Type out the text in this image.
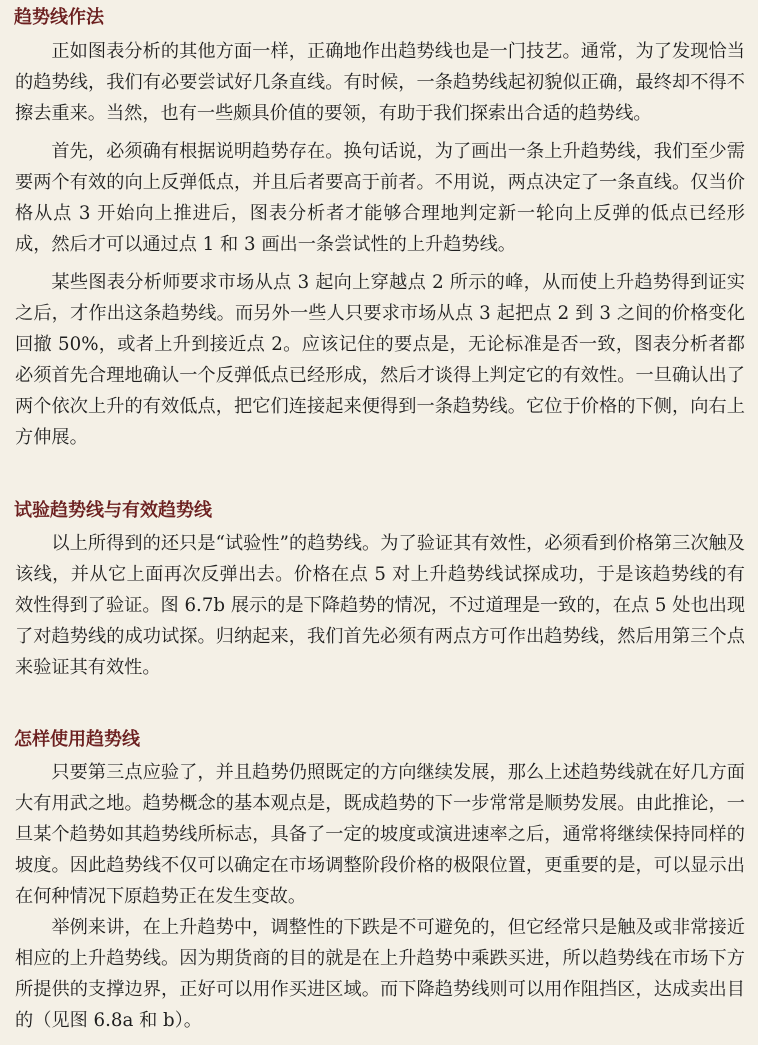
趋势线作法

正如图表分析的其他方面一样，正确地作出趋势线也是一门技艺。通常，为了发现恰当的趋势线，我们有必要尝试好几条直线。有时候，一条趋势线起初貌似正确，最终却不得不擦去重来。当然，也有一些颇具价值的要领，有助于我们探索出合适的趋势线。

首先，必须确有根据说明趋势存在。换句话说，为了画出一条上升趋势线，我们至少需要两个有效的向上反弹低点，并且后者要高于前者。不用说，两点决定了一条直线。仅当价格从点 3 开始向上推进后，图表分析者才能够合理地判定新一轮向上反弹的低点已经形成，然后才可以通过点 1 和 3 画出一条尝试性的上升趋势线。

某些图表分析师要求市场从点 3 起向上穿越点 2 所示的峰，从而使上升趋势得到证实之后，才作出这条趋势线。而另外一些人只要求市场从点 3 起把点 2 到 3 之间的价格变化回撤 50%，或者上升到接近点 2。应该记住的要点是，无论标准是否一致，图表分析者都必须首先合理地确认一个反弹低点已经形成，然后才谈得上判定它的有效性。一旦确认出了两个依次上升的有效低点，把它们连接起来便得到一条趋势线。它位于价格的下侧，向右上方伸展。

试验趋势线与有效趋势线

以上所得到的还只是“试验性”的趋势线。为了验证其有效性，必须看到价格第三次触及该线，并从它上面再次反弹出去。价格在点 5 对上升趋势线试探成功，于是该趋势线的有效性得到了验证。图 6.7b 展示的是下降趋势的情况，不过道理是一致的，在点 5 处也出现了对趋势线的成功试探。归纳起来，我们首先必须有两点方可作出趋势线，然后用第三个点来验证其有效性。

怎样使用趋势线

只要第三点应验了，并且趋势仍照既定的方向继续发展，那么上述趋势线就在好几方面大有用武之地。趋势概念的基本观点是，既成趋势的下一步常常是顺势发展。由此推论，一旦某个趋势如其趋势线所标志，具备了一定的坡度或演进速率之后，通常将继续保持同样的坡度。因此趋势线不仅可以确定在市场调整阶段价格的极限位置，更重要的是，可以显示出在何种情况下原趋势正在发生变故。

举例来讲，在上升趋势中，调整性的下跌是不可避免的，但它经常只是触及或非常接近相应的上升趋势线。因为期货商的目的就是在上升趋势中乘跌买进，所以趋势线在市场下方所提供的支撑边界，正好可以用作买进区域。而下降趋势线则可以用作阻挡区，达成卖出目的（见图 6.8a 和 b）。
